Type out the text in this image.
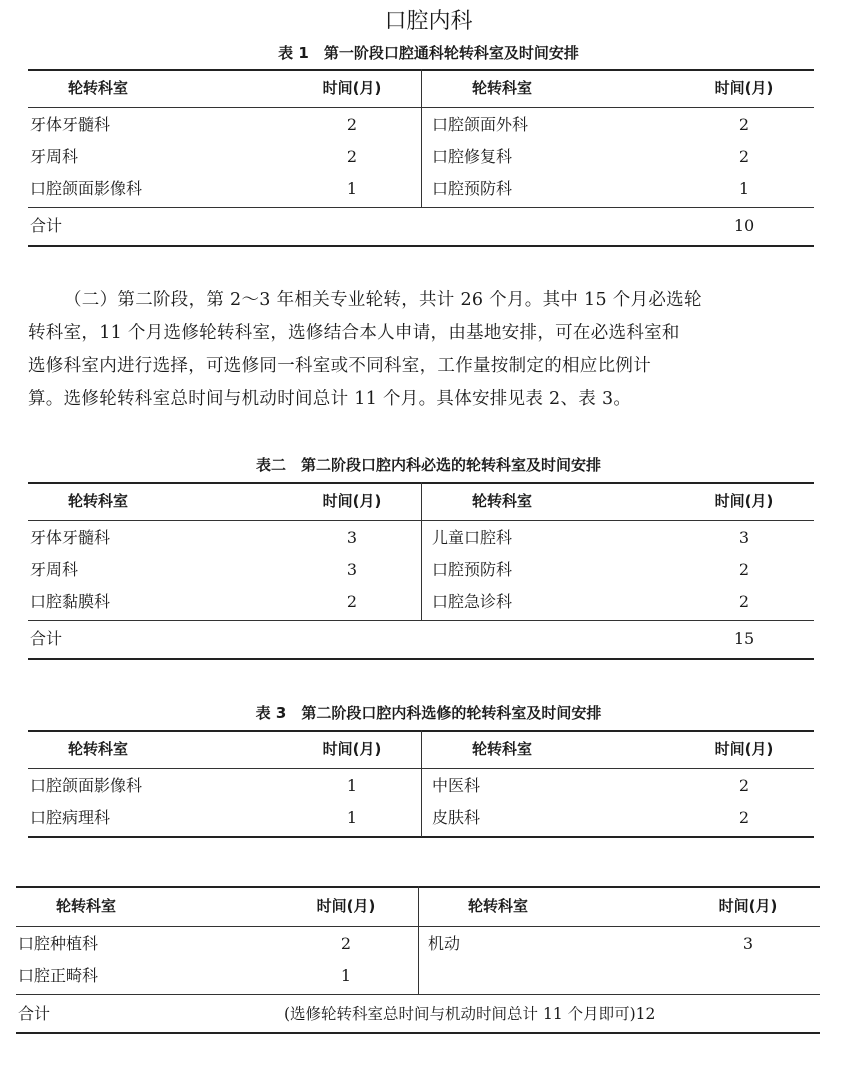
口腔内科
表 1　第一阶段口腔通科轮转科室及时间安排
轮转科室	时间(月)	轮转科室	时间(月)
牙体牙髓科	2	口腔颌面外科	2
牙周科	2	口腔修复科	2
口腔颌面影像科	1	口腔预防科	1
合计	10
（二）第二阶段，第 2～3 年相关专业轮转，共计 26 个月。其中 15 个月必选轮
转科室，11 个月选修轮转科室，选修结合本人申请，由基地安排，可在必选科室和
选修科室内进行选择，可选修同一科室或不同科室，工作量按制定的相应比例计
算。选修轮转科室总时间与机动时间总计 11 个月。具体安排见表 2、表 3。
表二　第二阶段口腔内科必选的轮转科室及时间安排
轮转科室	时间(月)	轮转科室	时间(月)
牙体牙髓科	3	儿童口腔科	3
牙周科	3	口腔预防科	2
口腔黏膜科	2	口腔急诊科	2
合计	15
表 3　第二阶段口腔内科选修的轮转科室及时间安排
轮转科室	时间(月)	轮转科室	时间(月)
口腔颌面影像科	1	中医科	2
口腔病理科	1	皮肤科	2
轮转科室	时间(月)	轮转科室	时间(月)
口腔种植科	2	机动	3
口腔正畸科	1
合计	(选修轮转科室总时间与机动时间总计 11 个月即可)12
